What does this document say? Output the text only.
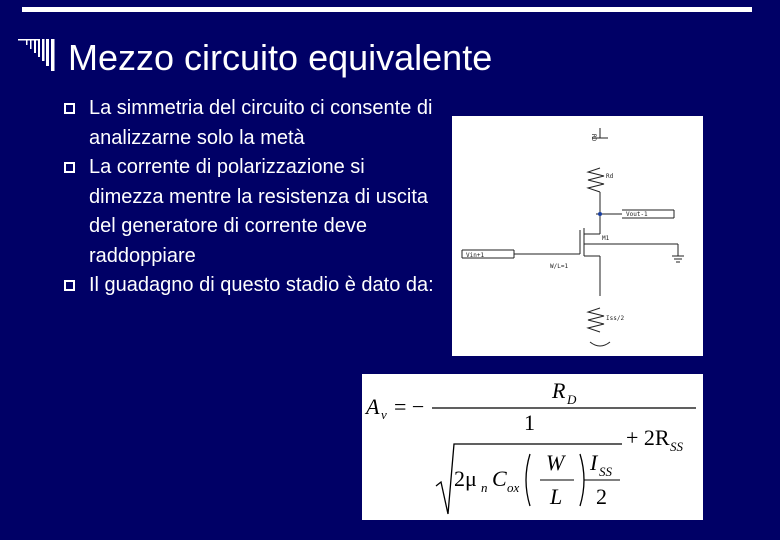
Mezzo circuito equivalente
La simmetria del circuito ci consente di analizzarne solo la metà
La corrente di polarizzazione si dimezza mentre la resistenza di uscita del generatore di corrente deve raddoppiare
Il guadagno di questo stadio è dato da:
RD
Rd
Vout-1
M1
Vin+1
W/L=1
Iss/2
A v = −
R D
1
+ 2R SS
2μ n C ox
W
L
I SS
2
